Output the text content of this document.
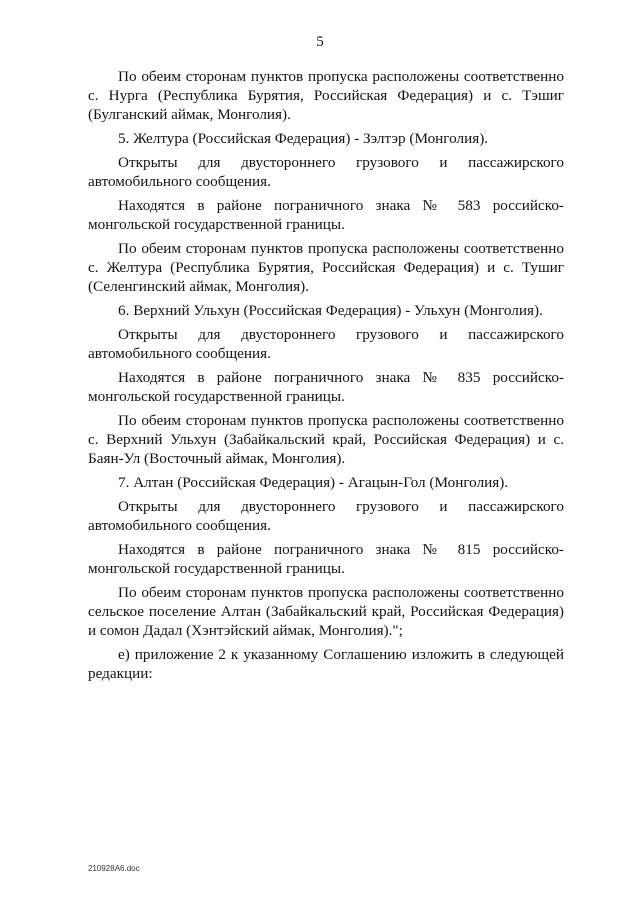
5

По обеим сторонам пунктов пропуска расположены соответственно с. Нурга (Республика Бурятия, Российская Федерация) и с. Тэшиг (Булганский аймак, Монголия).

5. Желтура (Российская Федерация) - Зэлтэр (Монголия).

Открыты для двустороннего грузового и пассажирского автомобильного сообщения.

Находятся в районе пограничного знака № 583 российско-монгольской государственной границы.

По обеим сторонам пунктов пропуска расположены соответственно с. Желтура (Республика Бурятия, Российская Федерация) и с. Тушиг (Селенгинский аймак, Монголия).

6. Верхний Ульхун (Российская Федерация) - Ульхун (Монголия).

Открыты для двустороннего грузового и пассажирского автомобильного сообщения.

Находятся в районе пограничного знака № 835 российско-монгольской государственной границы.

По обеим сторонам пунктов пропуска расположены соответственно с. Верхний Ульхун (Забайкальский край, Российская Федерация) и с. Баян-Ул (Восточный аймак, Монголия).

7. Алтан (Российская Федерация) - Агацын-Гол (Монголия).

Открыты для двустороннего грузового и пассажирского автомобильного сообщения.

Находятся в районе пограничного знака № 815 российско-монгольской государственной границы.

По обеим сторонам пунктов пропуска расположены соответственно сельское поселение Алтан (Забайкальский край, Российская Федерация) и сомон Дадал (Хэнтэйский аймак, Монголия).";

е) приложение 2 к указанному Соглашению изложить в следующей редакции:

210928А6.doc
